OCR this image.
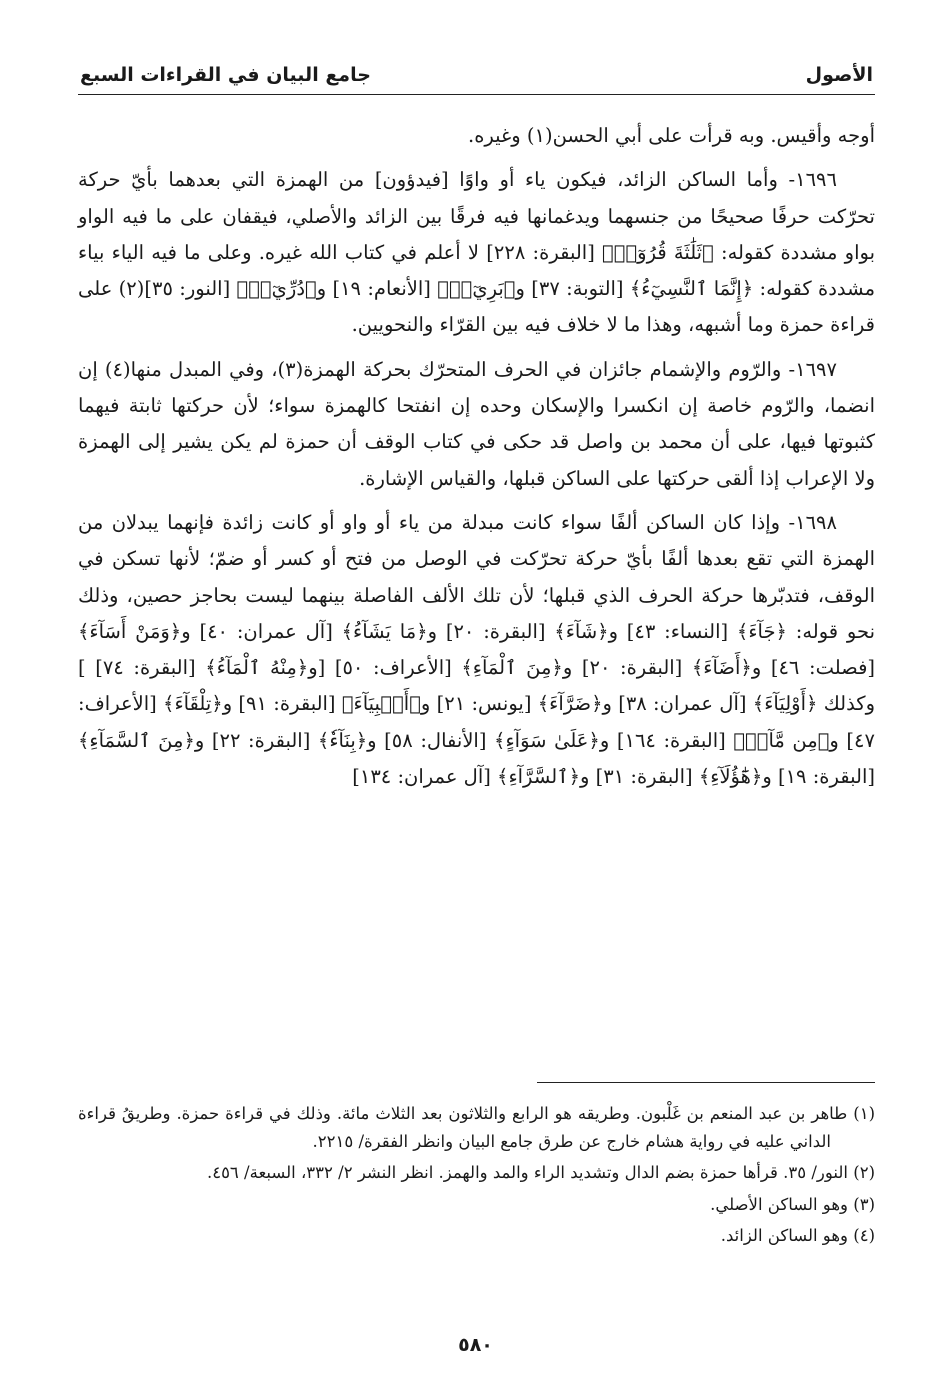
الأصول
جامع البيان في القراءات السبع

أوجه وأقيس. وبه قرأت على أبي الحسن(١) وغيره.

١٦٩٦- وأما الساكن الزائد، فيكون ياء أو واوًا [فيدؤون] من الهمزة التي بعدهما بأيّ حركة تحرّكت حرفًا صحيحًا من جنسهما ويدغمانها فيه فرقًا بين الزائد والأصلي، فيقفان على ما فيه الواو بواو مشددة كقوله: ﴿ثَلَٰثَةَ قُرُوٓءٖ﴾ [البقرة: ٢٢٨] لا أعلم في كتاب الله غيره. وعلى ما فيه الياء بياء مشددة كقوله: ﴿إِنَّمَا ٱلنَّسِيٓءُ﴾ [التوبة: ٣٧] و﴿بَرِيٓءٞ﴾ [الأنعام: ١٩] و﴿دُرِّيٓءٞ﴾ [النور: ٣٥](٢) على قراءة حمزة وما أشبهه، وهذا ما لا خلاف فيه بين القرّاء والنحويين.

١٦٩٧- والرّوم والإشمام جائزان في الحرف المتحرّك بحركة الهمزة(٣)، وفي المبدل منها(٤) إن انضما، والرّوم خاصة إن انكسرا والإسكان وحده إن انفتحا كالهمزة سواء؛ لأن حركتها ثابتة فيهما كثبوتها فيها، على أن محمد بن واصل قد حكى في كتاب الوقف أن حمزة لم يكن يشير إلى الهمزة ولا الإعراب إذا ألقى حركتها على الساكن قبلها، والقياس الإشارة.

١٦٩٨- وإذا كان الساكن ألفًا سواء كانت مبدلة من ياء أو واو أو كانت زائدة فإنهما يبدلان من الهمزة التي تقع بعدها ألفًا بأيّ حركة تحرّكت في الوصل من فتح أو كسر أو ضمّ؛ لأنها تسكن في الوقف، فتدبّرها حركة الحرف الذي قبلها؛ لأن تلك الألف الفاصلة بينهما ليست بحاجز حصين، وذلك نحو قوله: ﴿جَآءَ﴾ [النساء: ٤٣] و﴿شَآءَ﴾ [البقرة: ٢٠] و﴿مَا يَشَآءُ﴾ [آل عمران: ٤٠] و﴿وَمَنْ أَسَآءَ﴾ [فصلت: ٤٦] و﴿أَضَآءَ﴾ [البقرة: ٢٠] و﴿مِنَ ٱلْمَآءِ﴾ [الأعراف: ٥٠] [و﴿مِنْهُ ٱلْمَآءُ﴾ [البقرة: ٧٤] ] وكذلك ﴿أَوْلِيَآءَ﴾ [آل عمران: ٣٨] و﴿ضَرَّآءَ﴾ [يونس: ٢١] و﴿أَنۢبِيَآءَ﴾ [البقرة: ٩١] و﴿تِلْقَآءَ﴾ [الأعراف: ٤٧] و﴿مِن مَّآءٖ﴾ [البقرة: ١٦٤] و﴿عَلَىٰ سَوَآءٍ﴾ [الأنفال: ٥٨] و﴿بِنَآءٗ﴾ [البقرة: ٢٢] و﴿مِنَ ٱلسَّمَآءِ﴾ [البقرة: ١٩] و﴿هَٰٓؤُلَآءِ﴾ [البقرة: ٣١] و﴿ٱلسَّرَّآءِ﴾ [آل عمران: ١٣٤]

(١) طاهر بن عبد المنعم بن غَلْبون. وطريقه هو الرابع والثلاثون بعد الثلاث مائة. وذلك في قراءة حمزة. وطريقُ قراءة الداني عليه في رواية هشام خارج عن طرق جامع البيان وانظر الفقرة/ ٢٢١٥.

(٢) النور/ ٣٥. قرأها حمزة بضم الدال وتشديد الراء والمد والهمز. انظر النشر ٢/ ٣٣٢، السبعة/ ٤٥٦.

(٣) وهو الساكن الأصلي.

(٤) وهو الساكن الزائد.

٥٨٠
